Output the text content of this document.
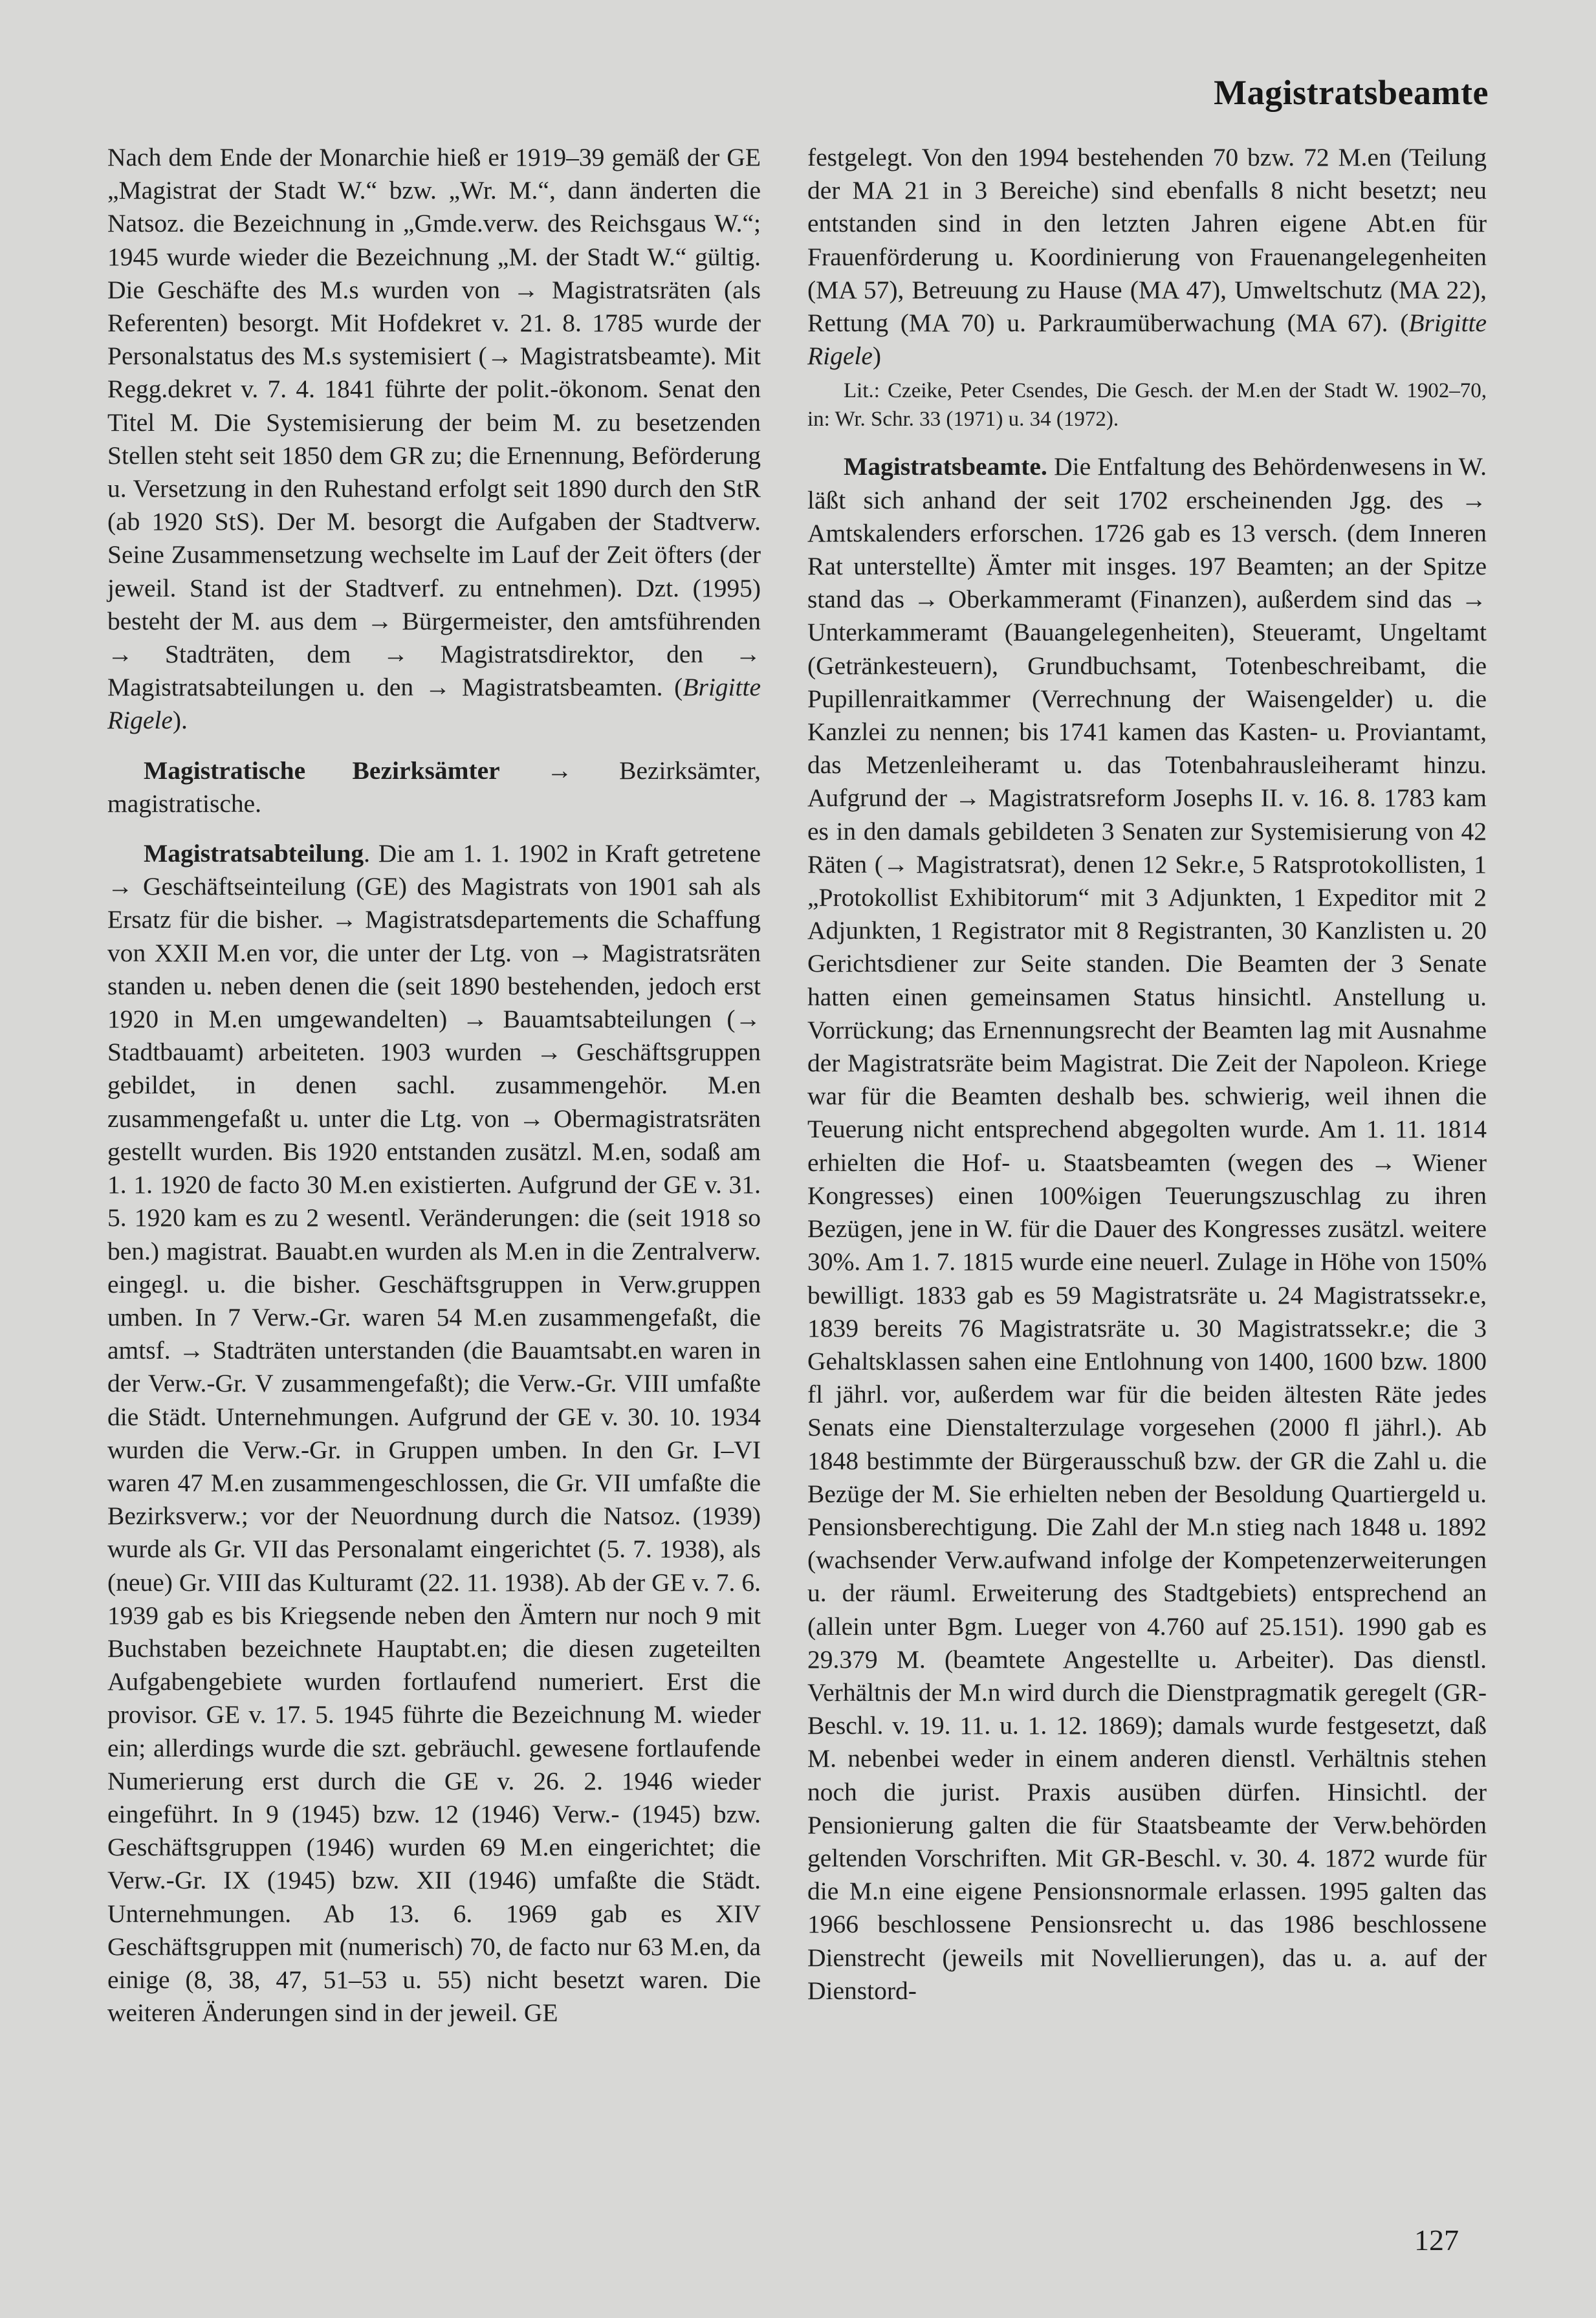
Magistratsbeamte

Nach dem Ende der Monarchie hieß er 1919–39 gemäß der GE „Magistrat der Stadt W.“ bzw. „Wr. M.“, dann änderten die Natsoz. die Bezeichnung in „Gmde.verw. des Reichsgaus W.“; 1945 wurde wieder die Bezeichnung „M. der Stadt W.“ gültig. Die Geschäfte des M.s wurden von → Magistratsräten (als Referenten) besorgt. Mit Hofdekret v. 21. 8. 1785 wurde der Personalstatus des M.s systemisiert (→ Magistratsbeamte). Mit Regg.dekret v. 7. 4. 1841 führte der polit.-ökonom. Senat den Titel M. Die Systemisierung der beim M. zu besetzenden Stellen steht seit 1850 dem GR zu; die Ernennung, Beförderung u. Versetzung in den Ruhestand erfolgt seit 1890 durch den StR (ab 1920 StS). Der M. besorgt die Aufgaben der Stadtverw. Seine Zusammensetzung wechselte im Lauf der Zeit öfters (der jeweil. Stand ist der Stadtverf. zu entnehmen). Dzt. (1995) besteht der M. aus dem → Bürgermeister, den amtsführenden → Stadträten, dem → Magistratsdirektor, den → Magistratsabteilungen u. den → Magistratsbeamten. (Brigitte Rigele).

Magistratische Bezirksämter → Bezirksämter, magistratische.

Magistratsabteilung. Die am 1. 1. 1902 in Kraft getretene → Geschäftseinteilung (GE) des Magistrats von 1901 sah als Ersatz für die bisher. → Magistratsdepartements die Schaffung von XXII M.en vor, die unter der Ltg. von → Magistratsräten standen u. neben denen die (seit 1890 bestehenden, jedoch erst 1920 in M.en umgewandelten) → Bauamtsabteilungen (→ Stadtbauamt) arbeiteten. 1903 wurden → Geschäftsgruppen gebildet, in denen sachl. zusammengehör. M.en zusammengefaßt u. unter die Ltg. von → Obermagistratsräten gestellt wurden. Bis 1920 entstanden zusätzl. M.en, sodaß am 1. 1. 1920 de facto 30 M.en existierten. Aufgrund der GE v. 31. 5. 1920 kam es zu 2 wesentl. Veränderungen: die (seit 1918 so ben.) magistrat. Bauabt.en wurden als M.en in die Zentralverw. eingegl. u. die bisher. Geschäftsgruppen in Verw.gruppen umben. In 7 Verw.-Gr. waren 54 M.en zusammengefaßt, die amtsf. → Stadträten unterstanden (die Bauamtsabt.en waren in der Verw.-Gr. V zusammengefaßt); die Verw.-Gr. VIII umfaßte die Städt. Unternehmungen. Aufgrund der GE v. 30. 10. 1934 wurden die Verw.-Gr. in Gruppen umben. In den Gr. I–VI waren 47 M.en zusammengeschlossen, die Gr. VII umfaßte die Bezirksverw.; vor der Neuordnung durch die Natsoz. (1939) wurde als Gr. VII das Personalamt eingerichtet (5. 7. 1938), als (neue) Gr. VIII das Kulturamt (22. 11. 1938). Ab der GE v. 7. 6. 1939 gab es bis Kriegsende neben den Ämtern nur noch 9 mit Buchstaben bezeichnete Hauptabt.en; die diesen zugeteilten Aufgabengebiete wurden fortlaufend numeriert. Erst die provisor. GE v. 17. 5. 1945 führte die Bezeichnung M. wieder ein; allerdings wurde die szt. gebräuchl. gewesene fortlaufende Numerierung erst durch die GE v. 26. 2. 1946 wieder eingeführt. In 9 (1945) bzw. 12 (1946) Verw.- (1945) bzw. Geschäftsgruppen (1946) wurden 69 M.en eingerichtet; die Verw.-Gr. IX (1945) bzw. XII (1946) umfaßte die Städt. Unternehmungen. Ab 13. 6. 1969 gab es XIV Geschäftsgruppen mit (numerisch) 70, de facto nur 63 M.en, da einige (8, 38, 47, 51–53 u. 55) nicht besetzt waren. Die weiteren Änderungen sind in der jeweil. GE

festgelegt. Von den 1994 bestehenden 70 bzw. 72 M.en (Teilung der MA 21 in 3 Bereiche) sind ebenfalls 8 nicht besetzt; neu entstanden sind in den letzten Jahren eigene Abt.en für Frauenförderung u. Koordinierung von Frauenangelegenheiten (MA 57), Betreuung zu Hause (MA 47), Umweltschutz (MA 22), Rettung (MA 70) u. Parkraumüberwachung (MA 67). (Brigitte Rigele)

Lit.: Czeike, Peter Csendes, Die Gesch. der M.en der Stadt W. 1902–70, in: Wr. Schr. 33 (1971) u. 34 (1972).

Magistratsbeamte. Die Entfaltung des Behördenwesens in W. läßt sich anhand der seit 1702 erscheinenden Jgg. des → Amtskalenders erforschen. 1726 gab es 13 versch. (dem Inneren Rat unterstellte) Ämter mit insges. 197 Beamten; an der Spitze stand das → Oberkammeramt (Finanzen), außerdem sind das → Unterkammeramt (Bauangelegenheiten), Steueramt, Ungeltamt (Getränkesteuern), Grundbuchsamt, Totenbeschreibamt, die Pupillenraitkammer (Verrechnung der Waisengelder) u. die Kanzlei zu nennen; bis 1741 kamen das Kasten- u. Proviantamt, das Metzenleiheramt u. das Totenbahrausleiheramt hinzu. Aufgrund der → Magistratsreform Josephs II. v. 16. 8. 1783 kam es in den damals gebildeten 3 Senaten zur Systemisierung von 42 Räten (→ Magistratsrat), denen 12 Sekr.e, 5 Ratsprotokollisten, 1 „Protokollist Exhibitorum“ mit 3 Adjunkten, 1 Expeditor mit 2 Adjunkten, 1 Registrator mit 8 Registranten, 30 Kanzlisten u. 20 Gerichtsdiener zur Seite standen. Die Beamten der 3 Senate hatten einen gemeinsamen Status hinsichtl. Anstellung u. Vorrückung; das Ernennungsrecht der Beamten lag mit Ausnahme der Magistratsräte beim Magistrat. Die Zeit der Napoleon. Kriege war für die Beamten deshalb bes. schwierig, weil ihnen die Teuerung nicht entsprechend abgegolten wurde. Am 1. 11. 1814 erhielten die Hof- u. Staatsbeamten (wegen des → Wiener Kongresses) einen 100%igen Teuerungszuschlag zu ihren Bezügen, jene in W. für die Dauer des Kongresses zusätzl. weitere 30%. Am 1. 7. 1815 wurde eine neuerl. Zulage in Höhe von 150% bewilligt. 1833 gab es 59 Magistratsräte u. 24 Magistratssekr.e, 1839 bereits 76 Magistratsräte u. 30 Magistratssekr.e; die 3 Gehaltsklassen sahen eine Entlohnung von 1400, 1600 bzw. 1800 fl jährl. vor, außerdem war für die beiden ältesten Räte jedes Senats eine Dienstalterzulage vorgesehen (2000 fl jährl.). Ab 1848 bestimmte der Bürgerausschuß bzw. der GR die Zahl u. die Bezüge der M. Sie erhielten neben der Besoldung Quartiergeld u. Pensionsberechtigung. Die Zahl der M.n stieg nach 1848 u. 1892 (wachsender Verw.aufwand infolge der Kompetenzerweiterungen u. der räuml. Erweiterung des Stadtgebiets) entsprechend an (allein unter Bgm. Lueger von 4.760 auf 25.151). 1990 gab es 29.379 M. (beamtete Angestellte u. Arbeiter). Das dienstl. Verhältnis der M.n wird durch die Dienstpragmatik geregelt (GR-Beschl. v. 19. 11. u. 1. 12. 1869); damals wurde festgesetzt, daß M. nebenbei weder in einem anderen dienstl. Verhältnis stehen noch die jurist. Praxis ausüben dürfen. Hinsichtl. der Pensionierung galten die für Staatsbeamte der Verw.behörden geltenden Vorschriften. Mit GR-Beschl. v. 30. 4. 1872 wurde für die M.n eine eigene Pensionsnormale erlassen. 1995 galten das 1966 beschlossene Pensionsrecht u. das 1986 beschlossene Dienstrecht (jeweils mit Novellierungen), das u. a. auf der Dienstord-

127
